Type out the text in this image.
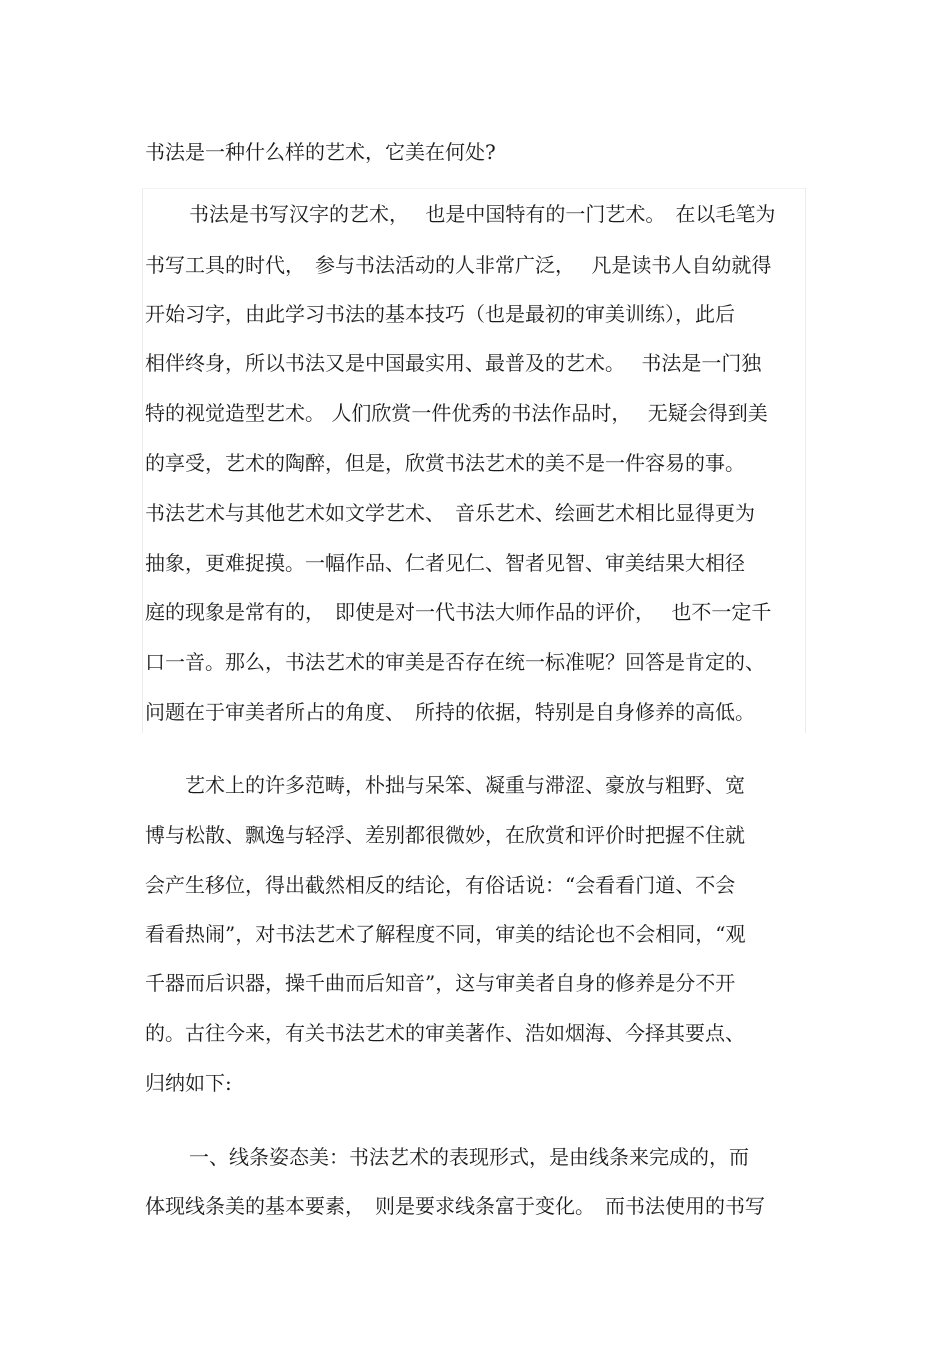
书法是一种什么样的艺术，它美在何处?
书法是书写汉字的艺术，　 也是中国特有的一门艺术。　在以毛笔为
书写工具的时代，　参与书法活动的人非常广泛，　 凡是读书人自幼就得
开始习字，由此学习书法的基本技巧（也是最初的审美训练），此后
相伴终身，所以书法又是中国最实用、最普及的艺术。　 书法是一门独
特的视觉造型艺术。 人们欣赏一件优秀的书法作品时，　 无疑会得到美
的享受，艺术的陶醉，但是，欣赏书法艺术的美不是一件容易的事。
书法艺术与其他艺术如文学艺术、　音乐艺术、绘画艺术相比显得更为
抽象，更难捉摸。一幅作品、仁者见仁、智者见智、审美结果大相径
庭的现象是常有的，　即使是对一代书法大师作品的评价，　 也不一定千
口一音。那么，书法艺术的审美是否存在统一标准呢？回答是肯定的、
问题在于审美者所占的角度、　所持的依据，特别是自身修养的高低。
艺术上的许多范畴，朴拙与呆笨、凝重与滞涩、豪放与粗野、宽
博与松散、飘逸与轻浮、差别都很微妙，在欣赏和评价时把握不住就
会产生移位，得出截然相反的结论，有俗话说：“会看看门道、不会
看看热闹”，对书法艺术了解程度不同，审美的结论也不会相同，“观
千器而后识器，操千曲而后知音”，这与审美者自身的修养是分不开
的。古往今来，有关书法艺术的审美著作、浩如烟海、今择其要点、
归纳如下:
一、线条姿态美：书法艺术的表现形式，是由线条来完成的，而
体现线条美的基本要素，　则是要求线条富于变化。　而书法使用的书写
